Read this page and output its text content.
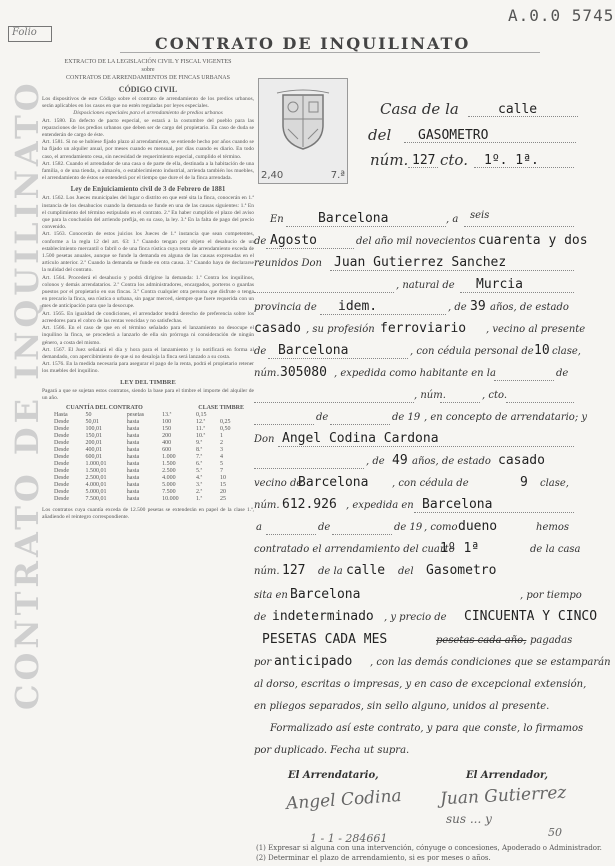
A.0.0 5745
Folio
CONTRATO DE INQUILINATO
CONTRATO DE INQUILINATO
EXTRACTO DE LA LEGISLACIÓN CIVIL Y FISCAL VIGENTES
sobre
CONTRATOS DE ARRENDAMIENTOS DE FINCAS URBANAS
CÓDIGO CIVIL
Los dispositivos de este Código sobre el contrato de arrendamiento de los predios urbanos, serán aplicables en los casos en que no estén reguladas por leyes especiales.
Disposiciones especiales para el arrendamiento de predios urbanos
Art. 1580. En defecto de pacto especial, se estará a la costumbre del pueblo para las reparaciones de los predios urbanos que deben ser de cargo del propietario. En caso de duda se entenderán de cargo de éste.
Art. 1581. Si no se hubiese fijado plazo al arrendamiento, se entiende hecho por años cuando se ha fijado un alquiler anual, por meses cuando es mensual, por días cuando es diario. En todo caso, el arrendamiento cesa, sin necesidad de requerimiento especial, cumplido el término.
Art. 1582. Cuando el arrendador de una casa o de parte de ella, destinada a la habitación de una familia, o de una tienda, o almacén, o establecimiento industrial, arrienda también los muebles, el arrendamiento de éstos se entenderá por el tiempo que dure el de la finca arrendada.
Ley de Enjuiciamiento civil de 3 de Febrero de 1881
Art. 1562. Los Jueces municipales del lugar o distrito en que esté sita la finca, conocerán en 1.ª instancia de los desahucios cuando la demanda se funde en una de las causas siguientes: 1.ª En el cumplimiento del término estipulado en el contrato. 2.ª En haber cumplido el plazo del aviso que para la conclusión del arriendo prefija, en su caso, la ley. 3.ª En la falta de pago del precio convenido.
Art. 1563. Conocerán de estos juicios los Jueces de 1.ª instancia que sean competentes, conforme a la regla 12 del art. 63: 1.º Cuando tengan por objeto el desahucio de un establecimiento mercantil o fabril o de una finca rústica cuya renta de arrendamiento exceda de 1.500 pesetas anuales, aunque se funde la demanda en alguna de las causas expresadas en el artículo anterior. 2.º Cuando la demanda se funde en otra causa. 3.º Cuando haya de declararse la nulidad del contrato.
Art. 1564. Procederá el desahucio y podrá dirigirse la demanda: 1.º Contra los inquilinos, colonos y demás arrendatarios. 2.º Contra los administradores, encargados, porteros o guardas puestos por el propietario en sus fincas. 3.º Contra cualquier otra persona que disfrute o tenga en precario la finca, sea rústica o urbana, sin pagar merced, siempre que fuere requerida con un mes de anticipación para que la desocupe.
Art. 1565. En igualdad de condiciones, el arrendador tendrá derecho de preferencia sobre los acreedores para el cobro de las rentas vencidas y no satisfechas.
Art. 1566. En el caso de que en el término señalado para el lanzamiento no desocupe el inquilino la finca, se procederá a lanzarlo de ella sin prórroga ni consideración de ningún género, a costa del mismo.
Art. 1567. El Juez señalará el día y hora para el lanzamiento y lo notificará en forma al demandado, con apercibimiento de que si no desaloja la finca será lanzado a su costa.
Art. 1576. En la medida necesaria para asegurar el pago de la renta, podrá el propietario retener los muebles del inquilino.
LEY DEL TIMBRE
Pagará a que se sujetan estos contratos, siendo la base para el timbre el importe del alquiler de un año.
CUANTÍA DEL CONTRATO	CLASE TIMBRE
Hasta	50	pesetas	13.ª	0,15	
Desde	50,01	hasta	100	12.ª	0,25
Desde	100,01	hasta	150	11.ª	0,50
Desde	150,01	hasta	200	10.ª	1
Desde	200,01	hasta	400	9.ª	2
Desde	400,01	hasta	600	8.ª	3
Desde	600,01	hasta	1.000	7.ª	4
Desde	1.000,01	hasta	1.500	6.ª	5
Desde	1.500,01	hasta	2.500	5.ª	7
Desde	2.500,01	hasta	4.000	4.ª	10
Desde	4.000,01	hasta	5.000	3.ª	15
Desde	5.000,01	hasta	7.500	2.ª	20
Desde	7.500,01	hasta	10.000	1.ª	25
Los contratos cuya cuantía exceda de 12.500 pesetas se extenderán en papel de la clase 1.ª, añadiendo el reintegro correspondiente.
2,40	7.ª
Casa de la	calle
del GASOMETRO
núm. 127 cto. 1º. 1ª.
En	Barcelona	, a seis
de Agosto	del año mil novecientos cuarenta y dos
reunidos Don Juan Gutierrez Sanchez
, natural de Murcia
provincia de idem.	, de 39 años, de estado
casado , su profesión ferroviario , vecino al presente
de Barcelona	, con cédula personal de 10 clase,
núm. 305080 , expedida como habitante en la	de
, núm.	, cto.
de	de 19 , en concepto de arrendatario; y
Don Angel Codina Cardona
, de 49 años, de estado casado
vecino de
Barcelona , con cédula de	9 clase,
núm. 612.926 , expedida en Barcelona
a	de	de 19 , como dueno	hemos
contratado el arrendamiento del cuarto
1º 1ª	de la casa
núm. 127 de la calle del Gasometro
sita en Barcelona	, por tiempo
de indeterminado , y precio de CINCUENTA Y CINCO
PESETAS CADA MES	pesetas cada año, pagadas
por anticipado , con las demás condiciones que se estamparán
al dorso, escritas o impresas, y en caso de excepcional extensión,
en pliegos separados, sin sello alguno, unidos al presente.
Formalizado así este contrato, y para que conste, lo firmamos
por duplicado. Fecha ut supra.
El Arrendatario,	El Arrendador,
Angel Codina Juan Gutierrez
sus ... y
1 - 1 - 284661	50
(1) Expresar si alguna con una intervención, cónyuge o concesiones, Apoderado o Administrador.
(2) Determinar el plazo de arrendamiento, si es por meses o años.
